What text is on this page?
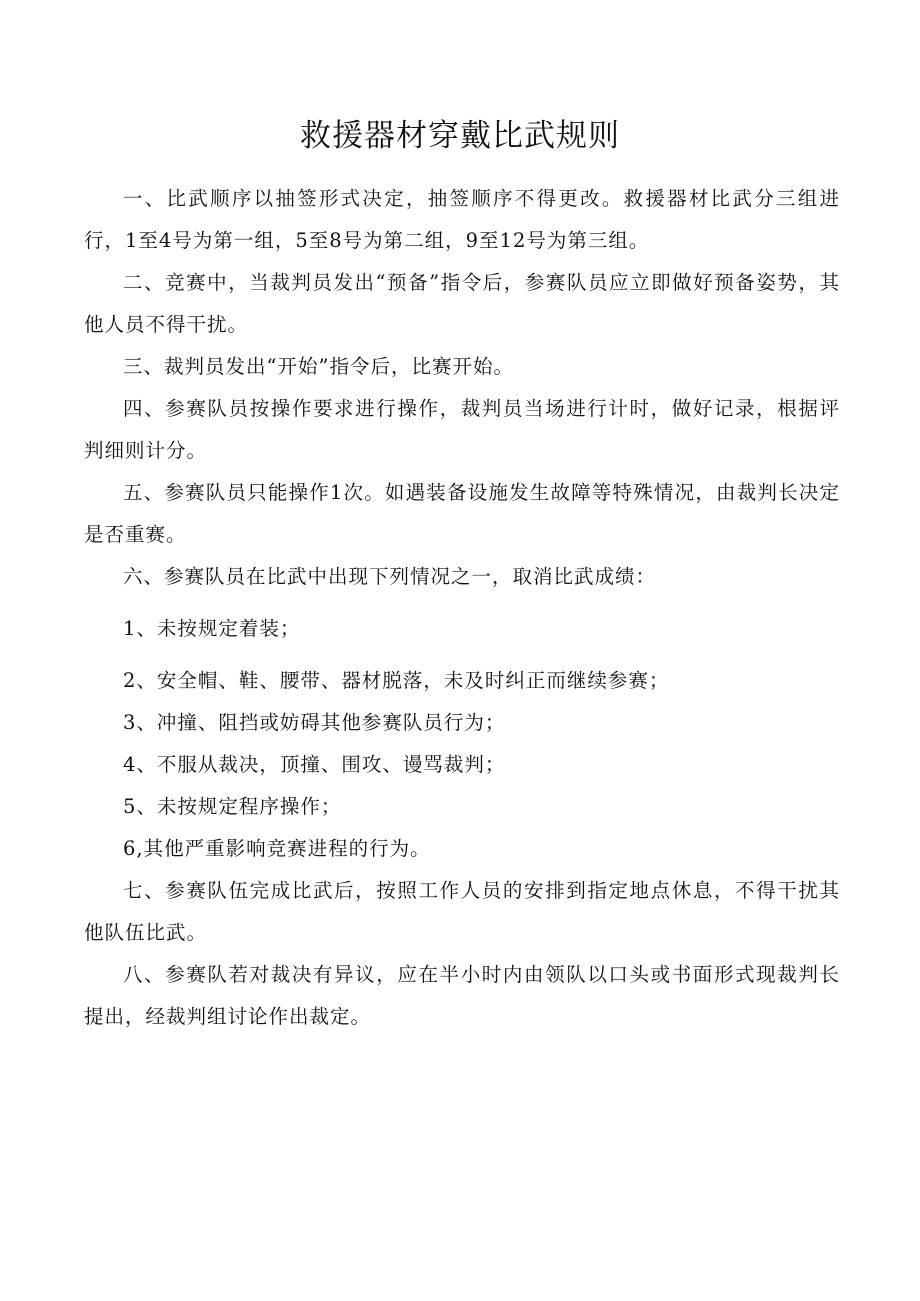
救援器材穿戴比武规则

一、比武顺序以抽签形式决定，抽签顺序不得更改。救援器材比武分三组进行，1至4号为第一组，5至8号为第二组，9至12号为第三组。

二、竞赛中，当裁判员发出“预备”指令后，参赛队员应立即做好预备姿势，其他人员不得干扰。

三、裁判员发出“开始”指令后，比赛开始。

四、参赛队员按操作要求进行操作，裁判员当场进行计时，做好记录，根据评判细则计分。

五、参赛队员只能操作1次。如遇装备设施发生故障等特殊情况，由裁判长决定是否重赛。

六、参赛队员在比武中出现下列情况之一，取消比武成绩：

1、未按规定着装；

2、安全帽、鞋、腰带、器材脱落，未及时纠正而继续参赛；

3、冲撞、阻挡或妨碍其他参赛队员行为；

4、不服从裁决，顶撞、围攻、谩骂裁判；

5、未按规定程序操作；

6,其他严重影响竞赛进程的行为。

七、参赛队伍完成比武后，按照工作人员的安排到指定地点休息，不得干扰其他队伍比武。

八、参赛队若对裁决有异议，应在半小时内由领队以口头或书面形式现裁判长提出，经裁判组讨论作出裁定。
